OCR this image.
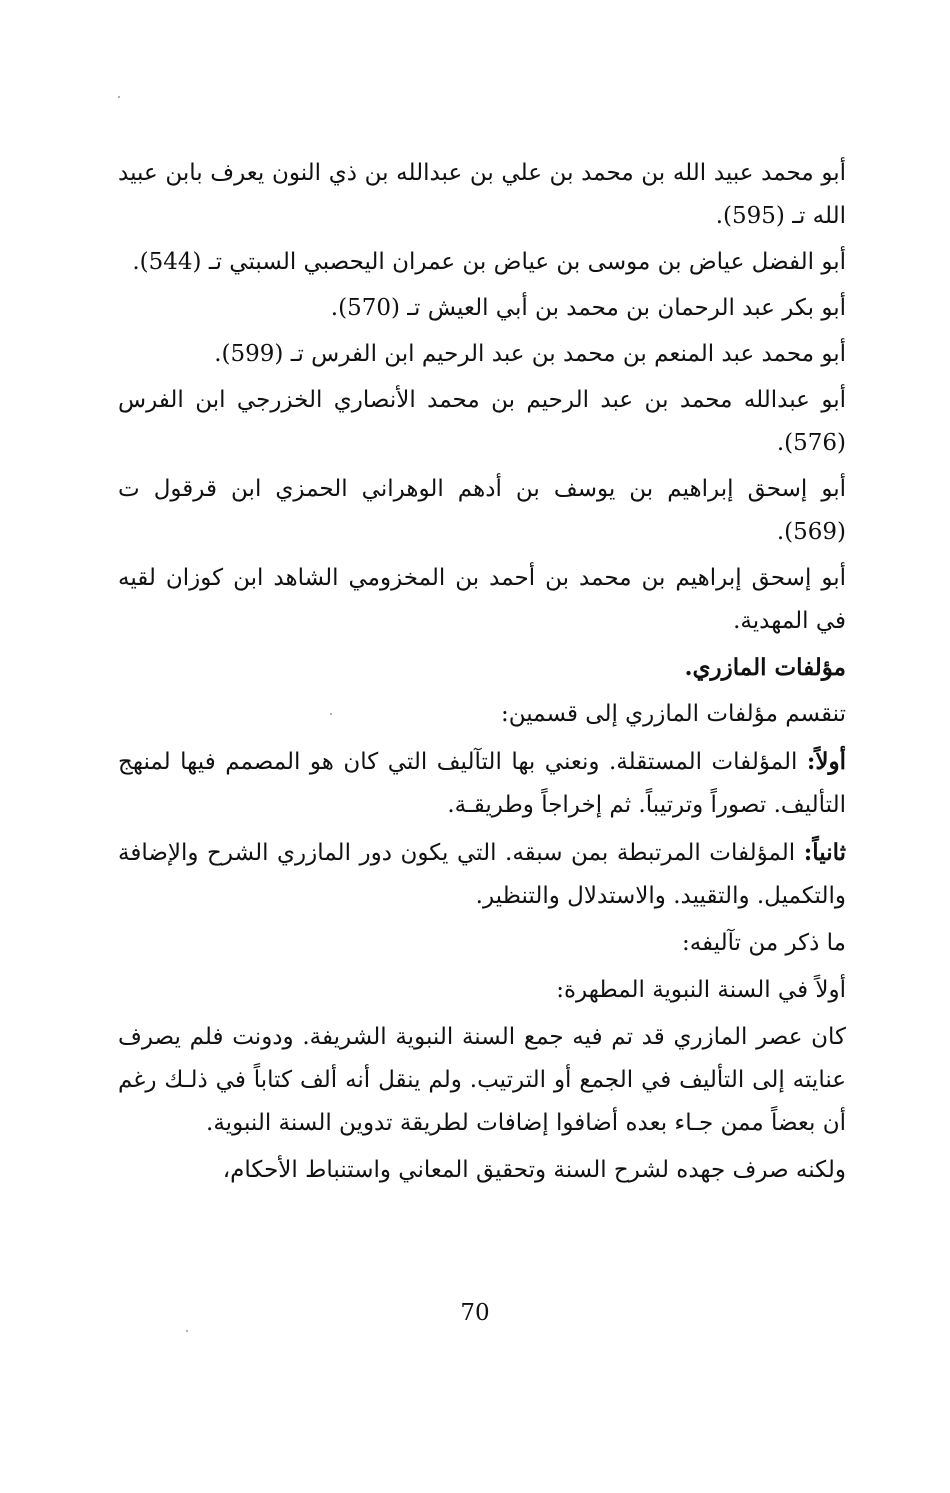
أبو محمد عبيد الله بن محمد بن علي بن عبدالله بن ذي النون يعرف بابن عبيد الله تـ (595).

أبو الفضل عياض بن موسى بن عياض بن عمران اليحصبي السبتي تـ (544).

أبو بكر عبد الرحمان بن محمد بن أبي العيش تـ (570).

أبو محمد عبد المنعم بن محمد بن عبد الرحيم ابن الفرس تـ (599).

أبو عبدالله محمد بن عبد الرحيم بن محمد الأنصاري الخزرجي ابن الفرس (576).

أبو إسحق إبراهيم بن يوسف بن أدهم الوهراني الحمزي ابن قرقول ت (569).

أبو إسحق إبراهيم بن محمد بن أحمد بن المخزومي الشاهد ابن كوزان لقيه في المهدية.

مؤلفات المازري.

تنقسم مؤلفات المازري إلى قسمين:

أولاً: المؤلفات المستقلة. ونعني بها التآليف التي كان هو المصمم فيها لمنهج التأليف. تصوراً وترتيباً. ثم إخراجاً وطريقـة.

ثانياً: المؤلفات المرتبطة بمن سبقه. التي يكون دور المازري الشرح والإضافة والتكميل. والتقييد. والاستدلال والتنظير.

ما ذكر من تآليفه:

أولاً في السنة النبوية المطهرة:

كان عصر المازري قد تم فيه جمع السنة النبوية الشريفة. ودونت فلم يصرف عنايته إلى التأليف في الجمع أو الترتيب. ولم ينقل أنه ألف كتاباً في ذلـك رغم أن بعضاً ممن جـاء بعده أضافوا إضافات لطريقة تدوين السنة النبوية.

ولكنه صرف جهده لشرح السنة وتحقيق المعاني واستنباط الأحكام،

70
